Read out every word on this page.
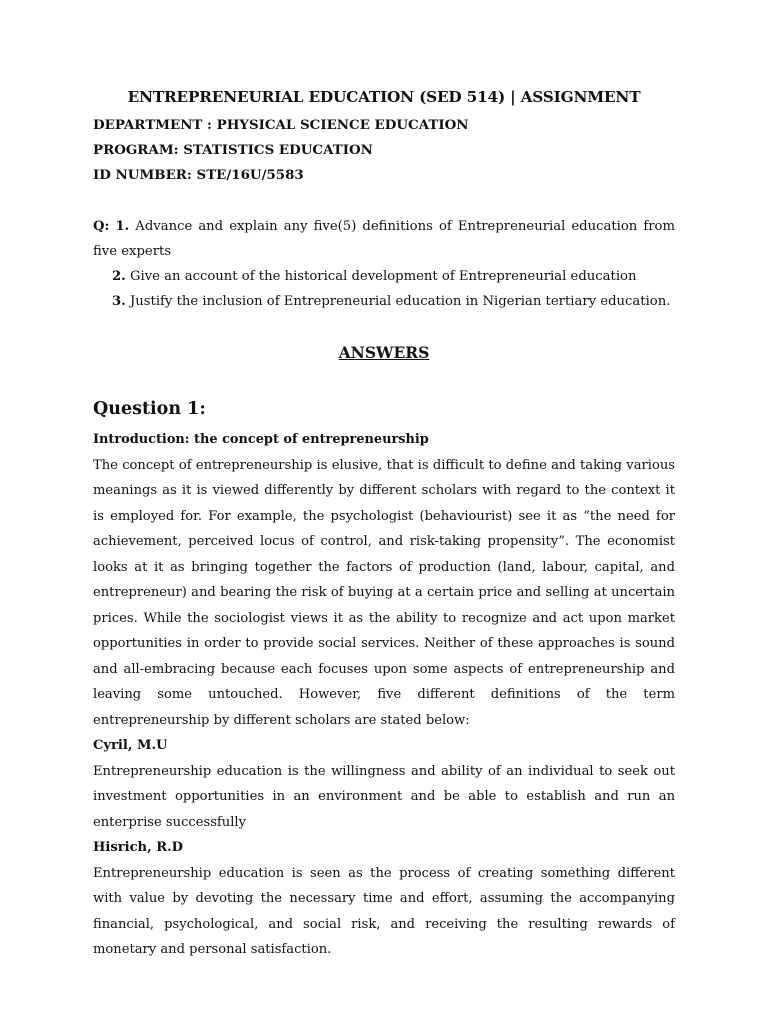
ENTREPRENEURIAL EDUCATION (SED 514) | ASSIGNMENT
DEPARTMENT : PHYSICAL SCIENCE EDUCATION
PROGRAM: STATISTICS EDUCATION
ID NUMBER: STE/16U/5583

Q: 1. Advance and explain any five(5) definitions of Entrepreneurial education from five experts

2. Give an account of the historical development of Entrepreneurial education

3. Justify the inclusion of Entrepreneurial education in Nigerian tertiary education.

ANSWERS
Question 1:

Introduction: the concept of entrepreneurship

The concept of entrepreneurship is elusive, that is difficult to define and taking various meanings as it is viewed differently by different scholars with regard to the context it is employed for. For example, the psychologist (behaviourist) see it as “the need for achievement, perceived locus of control, and risk-taking propensity”. The economist looks at it as bringing together the factors of production (land, labour, capital, and entrepreneur) and bearing the risk of buying at a certain price and selling at uncertain prices. While the sociologist views it as the ability to recognize and act upon market opportunities in order to provide social services. Neither of these approaches is sound and all-embracing because each focuses upon some aspects of entrepreneurship and leaving some untouched. However, five different definitions of the term entrepreneurship by different scholars are stated below:

Cyril, M.U

Entrepreneurship education is the willingness and ability of an individual to seek out investment opportunities in an environment and be able to establish and run an enterprise successfully

Hisrich, R.D

Entrepreneurship education is seen as the process of creating something different with value by devoting the necessary time and effort, assuming the accompanying financial, psychological, and social risk, and receiving the resulting rewards of monetary and personal satisfaction.
